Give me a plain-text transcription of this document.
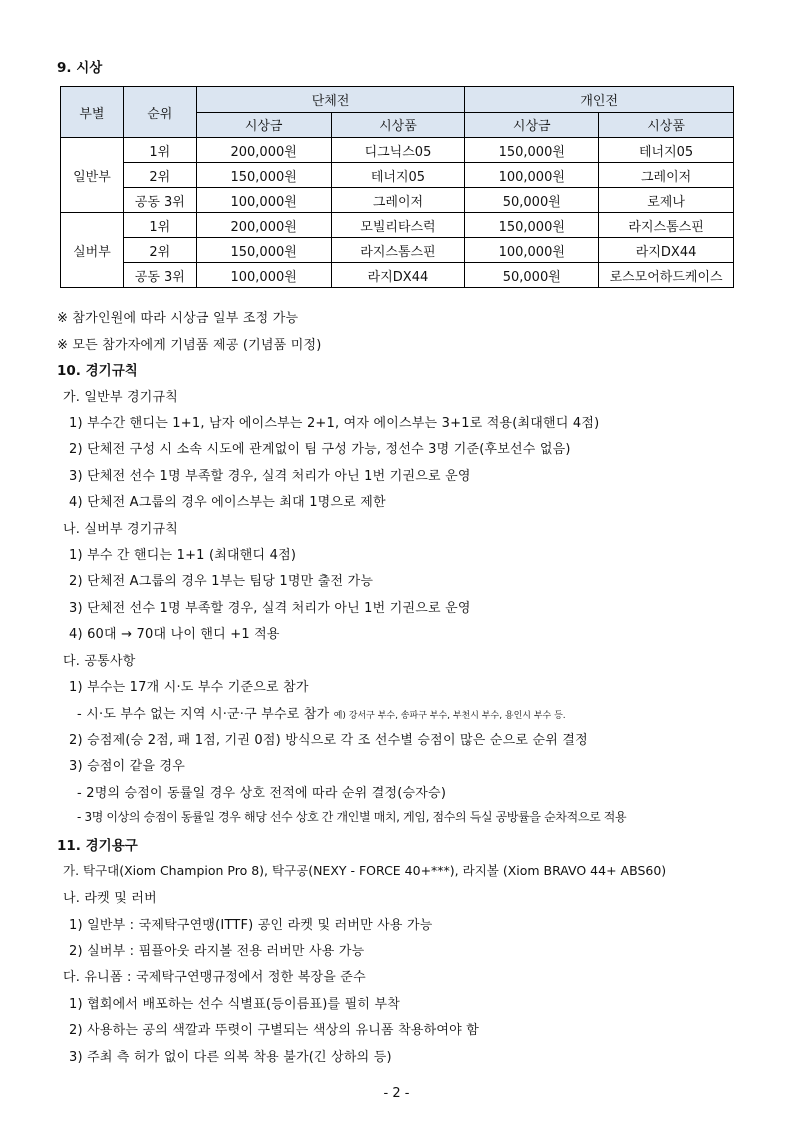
9. 시상
부별	순위	단체전		개인전	
		시상금	시상품	시상금	시상품
일반부	1위	200,000원	디그닉스05	150,000원	테너지05
	2위	150,000원	테너지05	100,000원	그레이저
	공동 3위	100,000원	그레이저	50,000원	로제나
실버부	1위	200,000원	모빌리타스럭	150,000원	라지스톰스핀
	2위	150,000원	라지스톰스핀	100,000원	라지DX44
	공동 3위	100,000원	라지DX44	50,000원	로스모어하드케이스
※ 참가인원에 따라 시상금 일부 조정 가능
※ 모든 참가자에게 기념품 제공 (기념품 미정)
10. 경기규칙
가. 일반부 경기규칙
1) 부수간 핸디는 1+1, 남자 에이스부는 2+1, 여자 에이스부는 3+1로 적용(최대핸디 4점)
2) 단체전 구성 시 소속 시도에 관계없이 팀 구성 가능, 정선수 3명 기준(후보선수 없음)
3) 단체전 선수 1명 부족할 경우, 실격 처리가 아닌 1번 기권으로 운영
4) 단체전 A그룹의 경우 에이스부는 최대 1명으로 제한
나. 실버부 경기규칙
1) 부수 간 핸디는 1+1 (최대핸디 4점)
2) 단체전 A그룹의 경우 1부는 팀당 1명만 출전 가능
3) 단체전 선수 1명 부족할 경우, 실격 처리가 아닌 1번 기권으로 운영
4) 60대 → 70대 나이 핸디 +1 적용
다. 공통사항
1) 부수는 17개 시·도 부수 기준으로 참가
- 시·도 부수 없는 지역 시·군·구 부수로 참가 예) 강서구 부수, 송파구 부수, 부천시 부수, 용인시 부수 등.
2) 승점제(승 2점, 패 1점, 기권 0점) 방식으로 각 조 선수별 승점이 많은 순으로 순위 결정
3) 승점이 같을 경우
- 2명의 승점이 동률일 경우 상호 전적에 따라 순위 결정(승자승)
- 3명 이상의 승점이 동률일 경우 해당 선수 상호 간 개인별 매치, 게임, 점수의 득실 공방률을 순차적으로 적용
11. 경기용구
가. 탁구대(Xiom Champion Pro 8), 탁구공(NEXY - FORCE 40+***), 라지볼 (Xiom BRAVO 44+ ABS60)
나. 라켓 및 러버
1) 일반부 : 국제탁구연맹(ITTF) 공인 라켓 및 러버만 사용 가능
2) 실버부 : 핌플아웃 라지볼 전용 러버만 사용 가능
다. 유니폼 : 국제탁구연맹규정에서 정한 복장을 준수
1) 협회에서 배포하는 선수 식별표(등이름표)를 필히 부착
2) 사용하는 공의 색깔과 뚜렷이 구별되는 색상의 유니폼 착용하여야 함
3) 주최 측 허가 없이 다른 의복 착용 불가(긴 상하의 등)
- 2 -
